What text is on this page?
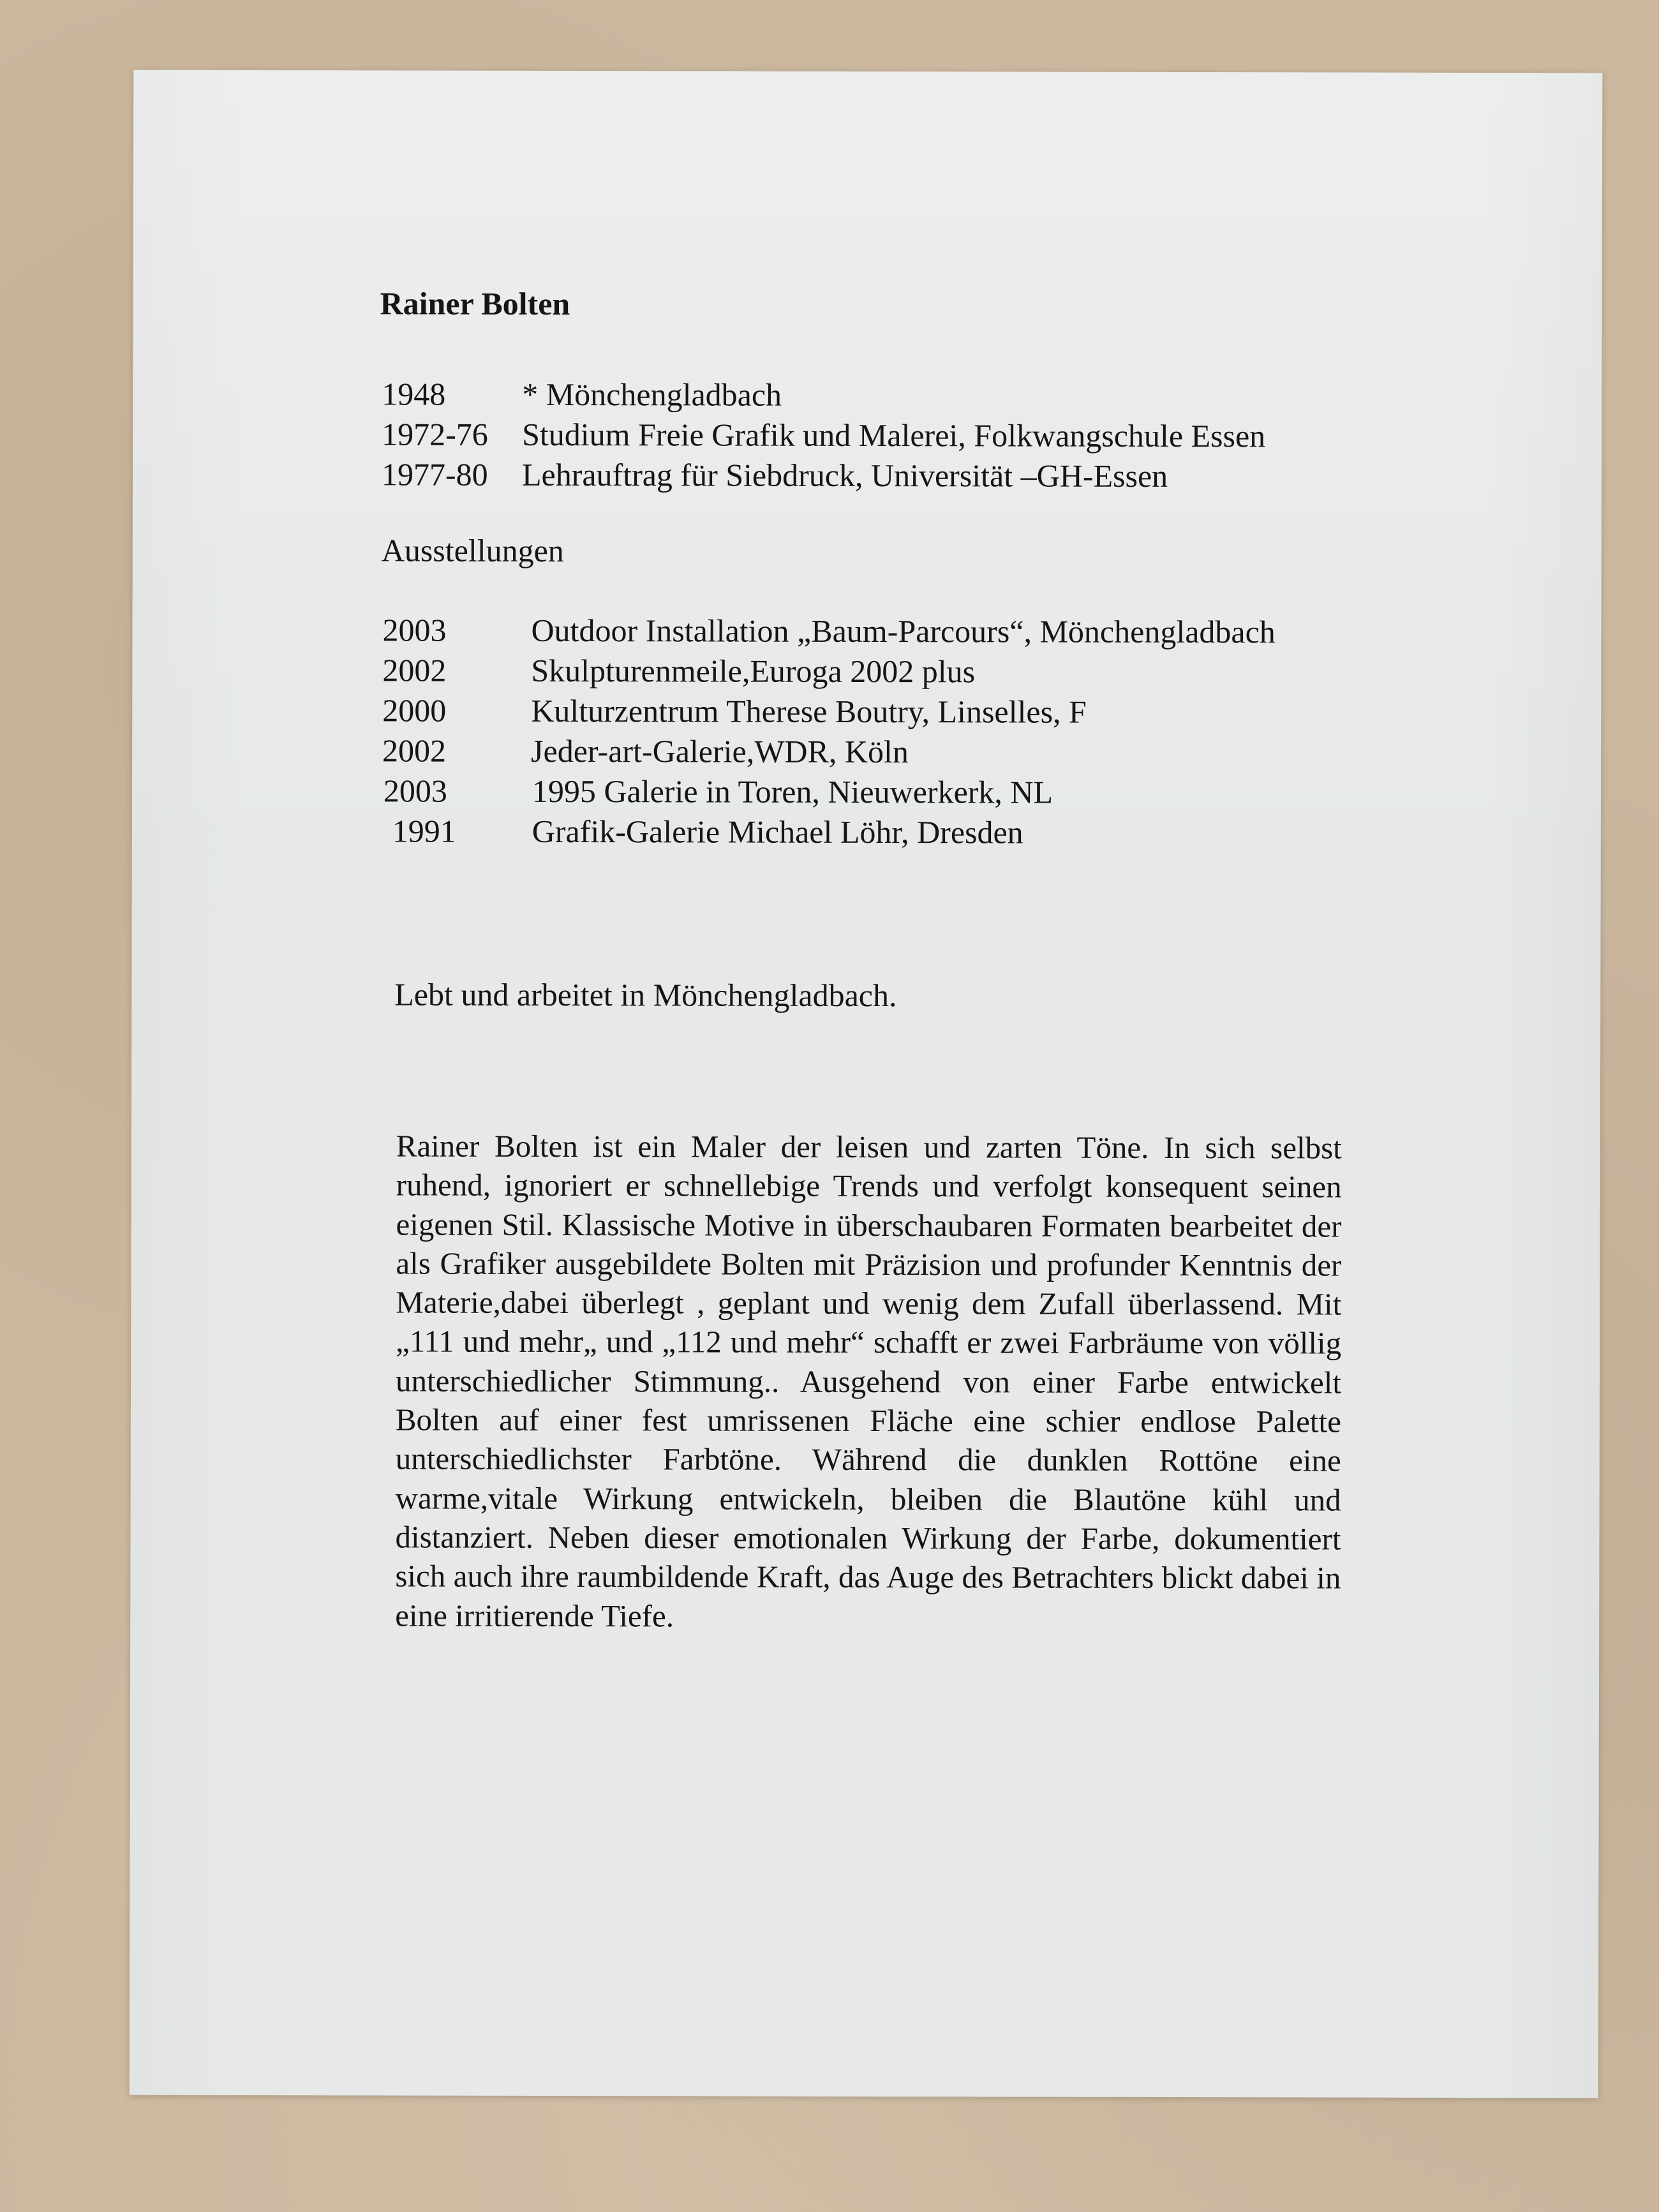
Rainer Bolten
1948 * Mönchengladbach
1972-76 Studium Freie Grafik und Malerei, Folkwangschule Essen
1977-80 Lehrauftrag für Siebdruck, Universität –GH-Essen
Ausstellungen
2003	Outdoor Installation „Baum-Parcours“, Mönchengladbach
2002	Skulpturenmeile,Euroga 2002 plus
2000	Kulturzentrum Therese Boutry, Linselles, F
2002	Jeder-art-Galerie,WDR, Köln
2003	1995 Galerie in Toren, Nieuwerkerk, NL
1991 Grafik-Galerie Michael Löhr, Dresden
Lebt und arbeitet in Mönchengladbach.

Rainer Bolten ist ein Maler der leisen und zarten Töne. In sich selbst ruhend, ignoriert er schnellebige Trends und verfolgt konsequent seinen eigenen Stil. Klassische Motive in überschaubaren Formaten bearbeitet der als Grafiker ausgebildete Bolten mit Präzision und profunder Kenntnis der Materie,dabei überlegt , geplant und wenig dem Zufall überlassend. Mit „111 und mehr„ und „112 und mehr“ schafft er zwei Farbräume von völlig unterschiedlicher Stimmung.. Ausgehend von einer Farbe entwickelt Bolten auf einer fest umrissenen Fläche eine schier endlose Palette unterschiedlichster Farbtöne. Während die dunklen Rottöne eine warme,vitale Wirkung entwickeln, bleiben die Blautöne kühl und distanziert. Neben dieser emotionalen Wirkung der Farbe, dokumentiert sich auch ihre raumbildende Kraft, das Auge des Betrachters blickt dabei in eine irritierende Tiefe.
